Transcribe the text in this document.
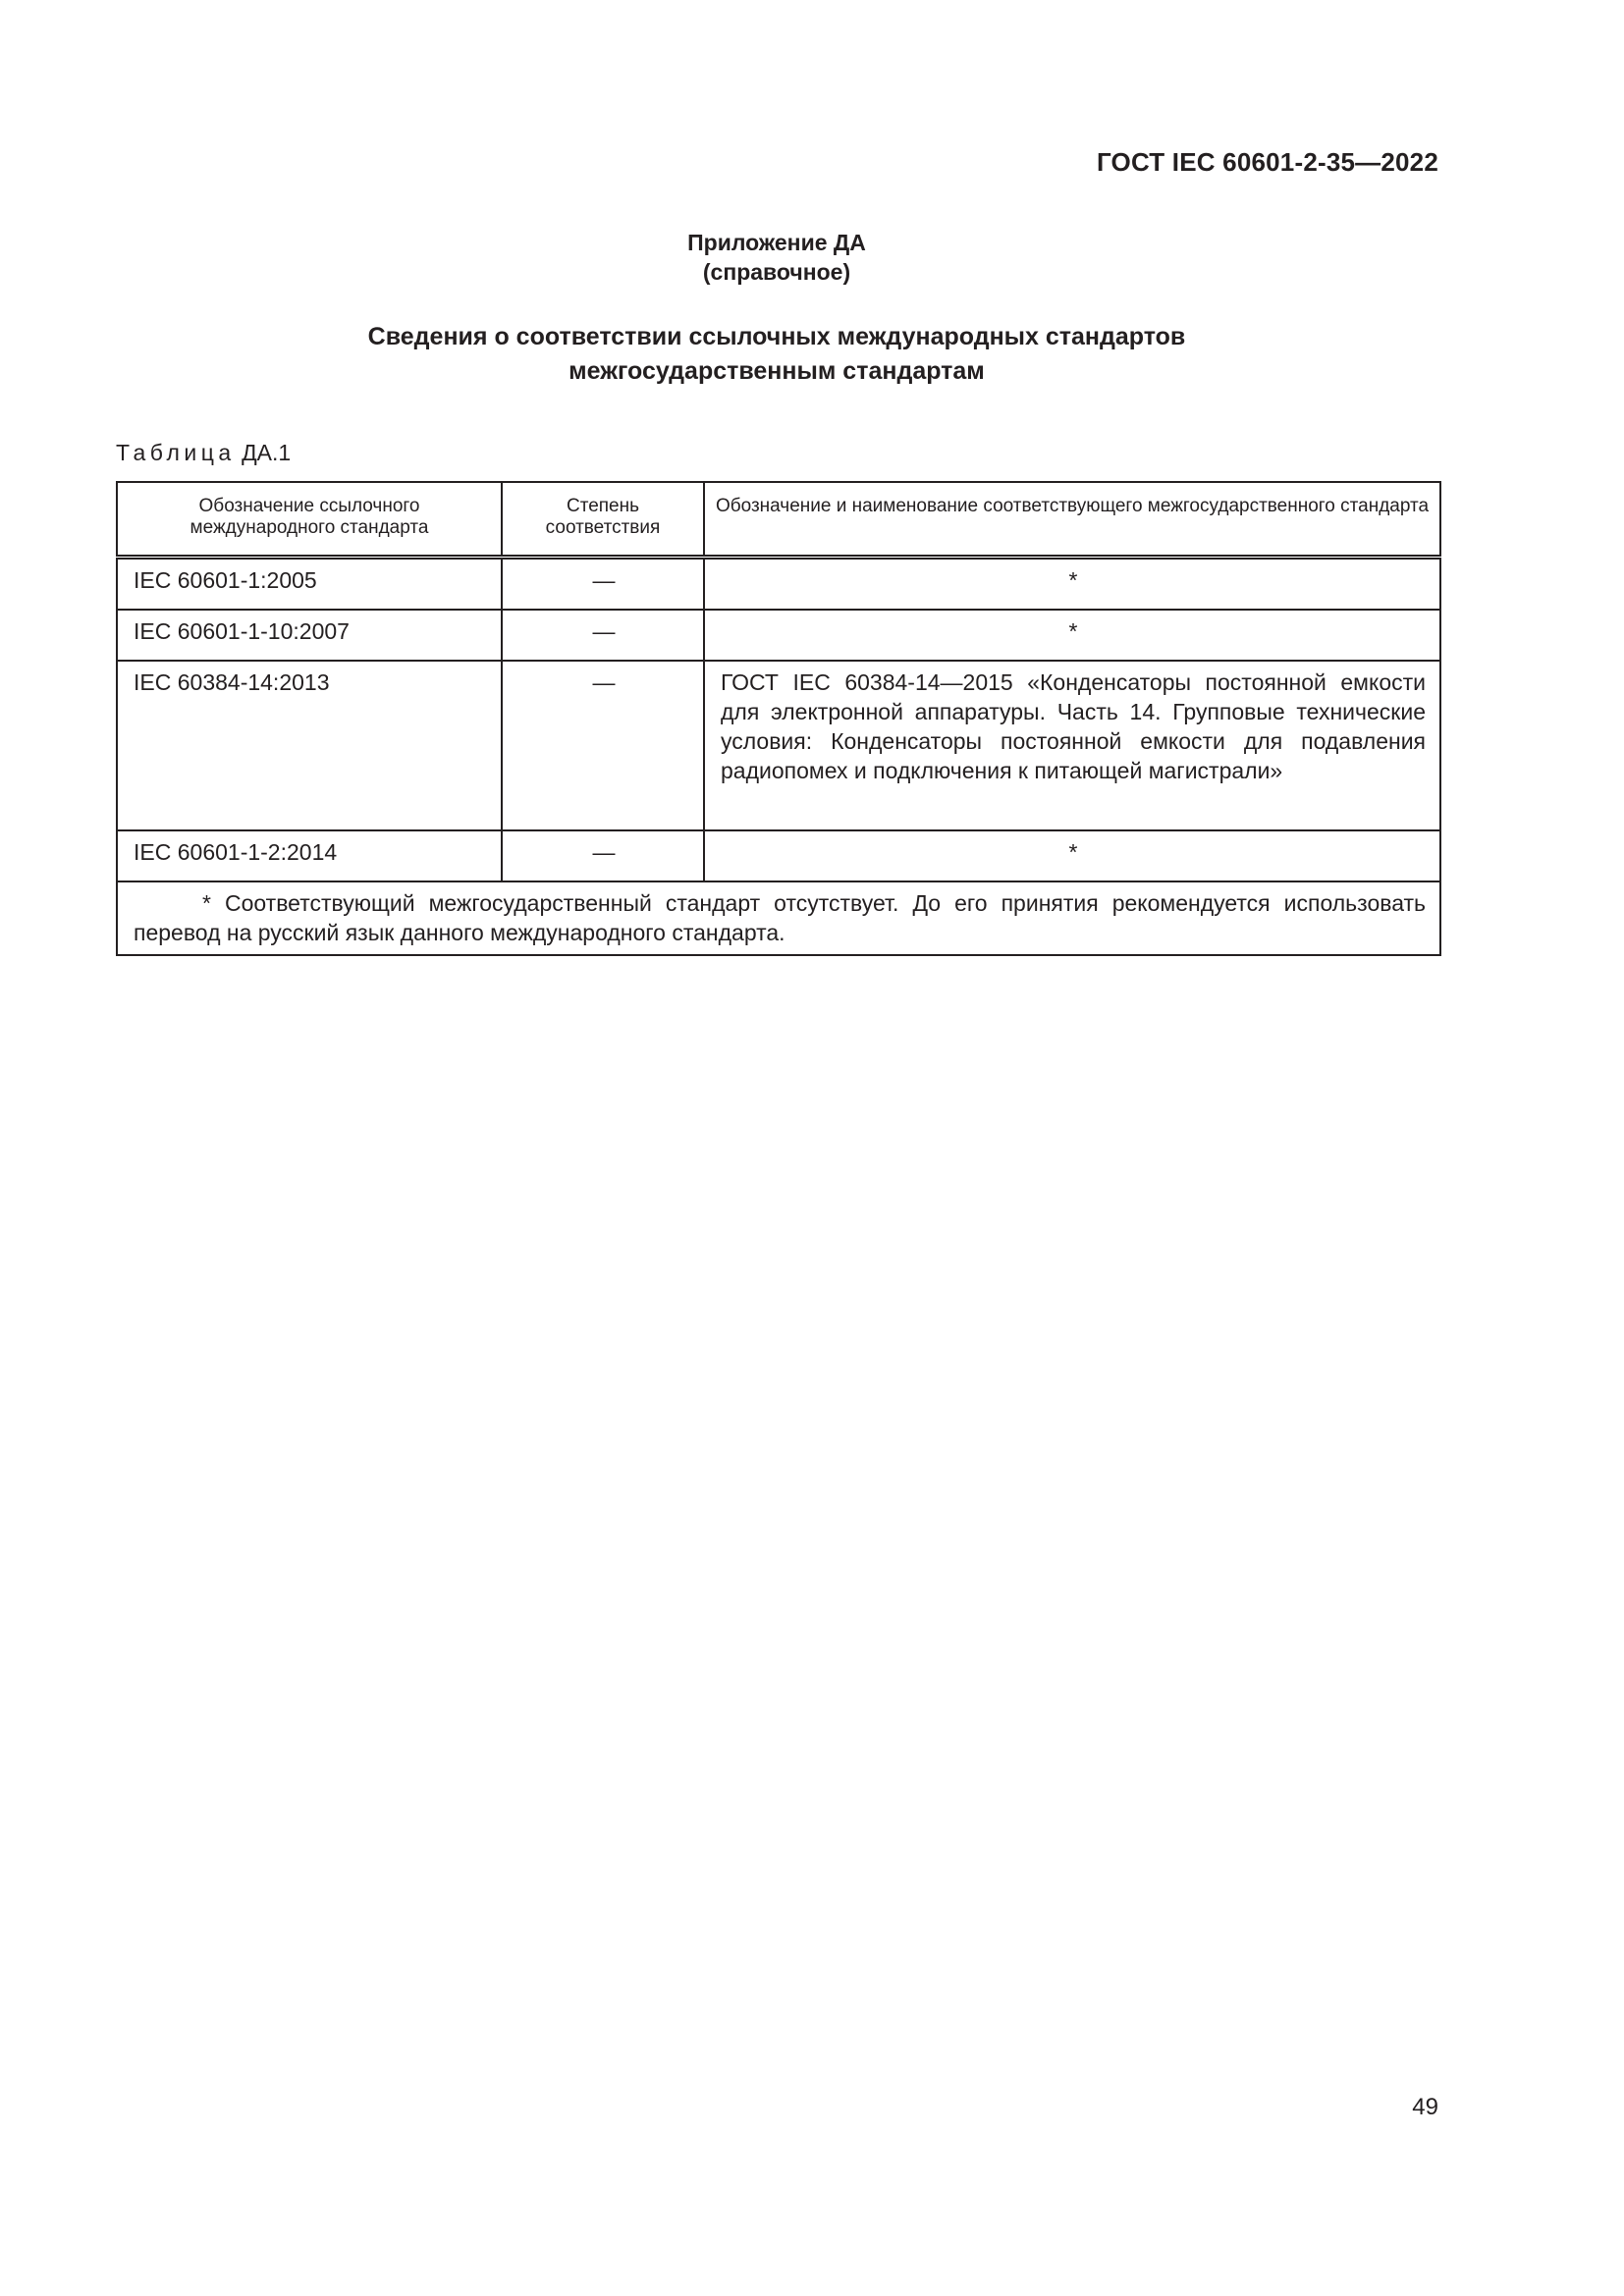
ГОСТ IEC 60601-2-35—2022
Приложение ДА
(справочное)
Сведения о соответствии ссылочных международных стандартов
межгосударственным стандартам
Таблица ДА.1
Обозначение ссылочного международного стандарта	Степень соответствия	Обозначение и наименование соответствующего межгосударственного стандарта
IEC 60601-1:2005	—	*
IEC 60601-1-10:2007	—	*
IEC 60384-14:2013	—	ГОСТ IEC 60384-14—2015 «Конденсаторы постоянной емкости для электронной аппаратуры. Часть 14. Групповые технические условия: Конденсаторы постоянной емкости для подавления радиопомех и подключения к питающей магистрали»
IEC 60601-1-2:2014	—	*

* Соответствующий межгосударственный стандарт отсутствует. До его принятия рекомендуется использовать перевод на русский язык данного международного стандарта.		
49
